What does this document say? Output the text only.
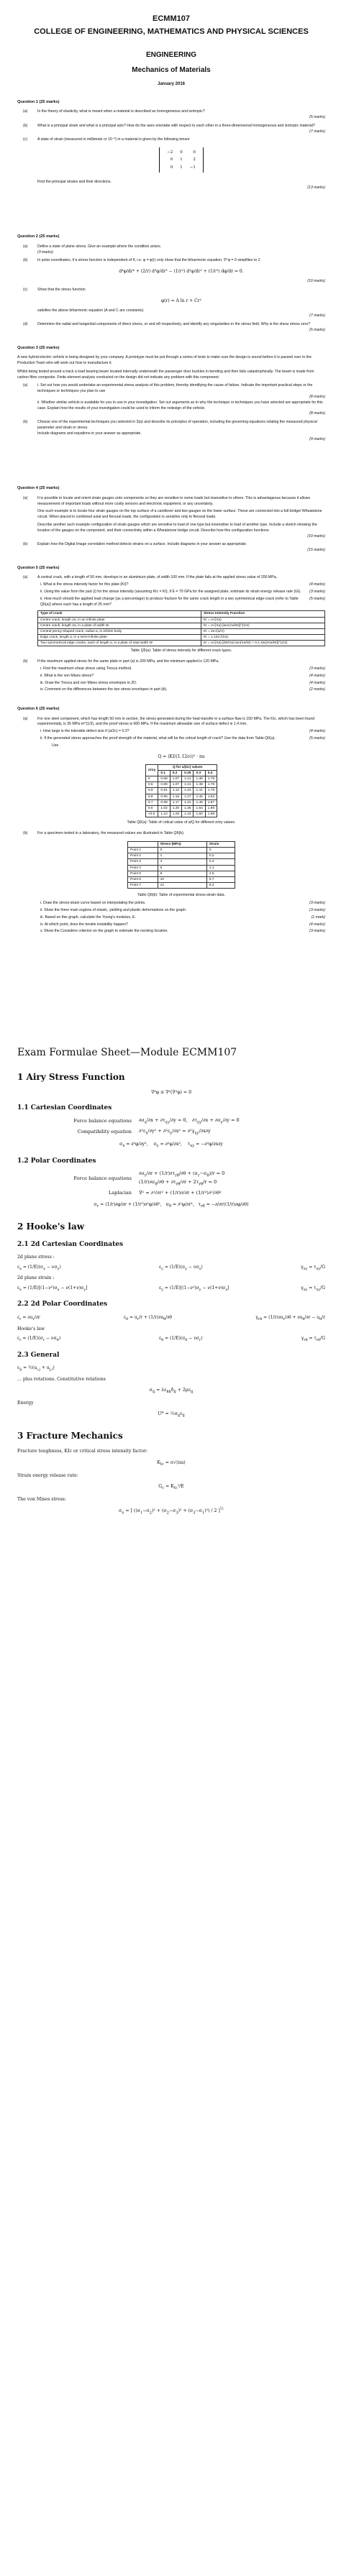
ECMM107
COLLEGE OF ENGINEERING, MATHEMATICS AND PHYSICAL SCIENCES
ENGINEERING
Mechanics of Materials
January 2016
Question 1 (25 marks)
(a)	In the theory of elasticity, what is meant when a material is described as homogeneous and isotropic?
(5 marks)
(b)	What is a principal strain and what is a principal axis? How do the axes orientate with respect to each other in a three-dimensional homogeneous and isotropic material?
(7 marks)
(c)	A state of strain (measured in millistrain or 10⁻³) in a material is given by the following tensor
−2	0	0
0	1	2
0	1	−1
Find the principal strains and their directions.
(13 marks)
Question 2 (25 marks)
(a)	Define a state of plane stress. Give an example where the condition arises.
(3 marks)
(b)	In polar coordinates, if a stress function is independent of θ, i.e. φ = φ(r) only show that the biharmonic equation, ∇⁴φ = 0 simplifies to 2
d⁴φ/dr⁴ + (2/r) d³φ/dr³ − (1/r²) d²φ/dr² + (1/r³) dφ/dr = 0.
(10 marks)
(c)	Show that the stress function
φ(r) = A ln r + Cr²
satisfies the above biharmonic equation (A and C are constants).
(7 marks)
(d)	Determine the radial and tangential components of direct stress, σr and σθ respectively, and identify any singularities in the stress field. Why is the shear stress zero?
(5 marks)
Question 3 (25 marks)
A new hybrid-electric vehicle is being designed by your company. A prototype must be put through a series of tests to make sure the design is sound before it is passed over to the Production Team who will work out how to manufacture it.
Whilst being tested around a track a load bearing beam located internally underneath the passenger door buckles in bending and then fails catastrophically. The beam is made from carbon fibre composite. Finite element analysis conducted on the design did not indicate any problem with this component.
(a)	i. Set out how you would undertake an experimental stress analysis of this problem, thereby identifying the cause of failure. Indicate the important practical steps or the techniques or techniques you plan to use
(8 marks)
ii. Whether similar vehicle is available for you to use in your investigation. Set out arguments as to why the technique or techniques you have selected are appropriate for this case. Explain how the results of your investigation could be used to inform the redesign of the vehicle.
(8 marks)
(b)	Choose one of the experimental techniques you selected in 3(a) and describe its principles of operation, including the governing equations relating the measured physical parameter and strain or stress.
Include diagrams and equations in your answer as appropriate.
(9 marks)
Question 4 (25 marks)
(a)	It is possible to locate and orient strain gauges onto components so they are sensitive to some loads but insensitive to others. This is advantageous because it allows measurement of important loads without more costly sensors and electronic equipment, or any uncertainty.
One such example is to locate four strain gauges on the top surface of a cantilever and two gauges on the lower surface. These are connected into a full bridge/ Wheatstone circuit. When placed in combined axial and flexural loads, the configuration is sensitive only to flexural loads.
Describe another such example configuration of strain gauges which are sensitive to load of one type but insensitive to load of another type. Include a sketch showing the location of the gauges on the component, and their connectivity within a Wheatstone bridge circuit. Describe how this configuration functions.
(10 marks)
(b)	Explain how the Digital Image correlation method detects strains on a surface. Include diagrams in your answer as appropriate.
(15 marks)
Question 5 (25 marks)
(a)	A central crack, with a length of 50 mm, develops in an aluminium plate, of width 100 mm. If the plate fails at the applied stress value of 200 MPa,
i. What is the stress intensity factor for this plate (KI)?	(4 marks)
ii. Using the value from the part (i) for the stress intensity (assuming KIc = KI), if E = 70 GPa for the assigned plate, estimate its strain energy release rate (GI).	(3 marks)
ii. How much should the applied load change (as a percentage) to produce fracture for the same crack length in a two symmetrical edge-crack (refer to Table Q5(a)) where each has a length of 25 mm?
(5 marks)
Type of crack	Stress Intensity Function
Centre crack, length 2a, in an infinite plate	KI = σ√(πa)
Centre crack, length 2a, in a plate of width W	KI = σ√(πa)·[sec(πa/W)]^(1/2)
Central penny-shaped crack, radius a, in infinite body	KI = 2σ√(a/π)
Edge crack, length a, in a semi-infinite plate	KI = 1.12σ√(πa)
Two symmetrical edge cracks, each of length a, in a plate of total width W	KI = σ√(πa)·[(W/πa) tan(πa/W) + 0.1 sin(2πa/W)]^(1/2)
Table Q5(a): Table of stress intensity for different crack types.
(b)	If the maximum applied stress for the same plate in part (a) is 200 MPa, and the minimum applied is 120 MPa,
i. Find the maximum shear stress using Tresca method.	(3 marks)
ii. What is the von Mises stress?	(4 marks)
iii. Draw the Tresca and von Mises stress envelopes in 2D.	(4 marks)
iv. Comment on the differences between the two stress envelopes in part (iii).	(2 marks)
Question 6 (25 marks)
(a)	For one steel component, which has length 50 mm in section, the stress generated during the heat transfer in a surface flaw is 150 MPa. The KIc, which has been found experimentally, is 35 MPa·m^(1/2), and the proof stress is 600 MPa. If the maximum allowable size of surface defect is 1.4 mm,
i. How large is the tolerable defect size if (a/2c) = 0.3?	(4 marks)
ii. If the generated stress approaches the proof strength of the material, what will be the critical length of crack? Use the data from Table Q6(a).	(5 marks)
Use
Q = (KI/(1.12σ))² · πa
σ/σy	Q for a/(2c) values				
	0.1	0.2	0.25	0.3	0.4
0	0.88	1.07	1.21	1.38	1.76
0.6	0.88	1.07	1.21	1.38	1.76
0.9	0.91	1.12	1.24	1.41	1.79
0.8	0.95	1.15	1.27	1.45	1.83
0.7	0.98	1.17	1.31	1.48	1.87
0.6	1.02	1.20	1.35	1.54	1.90
<0.6	1.10	1.29	1.43	1.60	1.98
Table Q6(a): Table of critical value of a/Q for different σ/σy values.
(b)	For a specimen tested in a laboratory, the measured values are illustrated in Table Q6(b).
	Stress (MPa)	Strain
Point 1	0	0
Point 2	1	0.2
Point 3	4	0.4
Point 4	6	1.1
Point 5	8	2.5
Point 6	10	5.7
Point 7	12	8.2
Table Q6(b): Table of experimental stress-strain data.
i. Draw the stress-strain curve based on interpolating the points.	(3 marks)
ii. Show the three main regions of elastic, yielding and plastic deformations on the graph.	(3 marks)
iii. Based on this graph, calculate the Young's modulus, E.	(1 mark)
iv. At which point, does the tensile instability happen?	(4 marks)
v. Show the Considère criterion on the graph to estimate the necking location.	(3 marks)
Exam Formulae Sheet—Module ECMM107
1 Airy Stress Function
∇⁴φ ≡ ∇²(∇²φ) = 0
1.1 Cartesian Coordinates
Force balance equations	$\partial\sigma_x/\partial x + \partial\tau_{xy}/\partial y = 0$,   $\partial\tau_{xy}/\partial x + \partial\sigma_y/\partial y = 0$
Compatibility equation	$\partial^2\varepsilon_x/\partial y^2 + \partial^2\varepsilon_y/\partial x^2 = \partial^2\gamma_{xy}/\partial x\partial y$
$\sigma_x = \partial^2\varphi/\partial y^2$,    $\sigma_y = \partial^2\varphi/\partial x^2$,    $\tau_{xy} = -\partial^2\varphi/\partial x\partial y$
1.2 Polar Coordinates
Force balance equations
$\partial\sigma_r/\partial r + (1/r)\partial\tau_{r\theta}/\partial\theta + (\sigma_r-\sigma_\theta)/r = 0$
$(1/r)\partial\sigma_\theta/\partial\theta + \partial\tau_{r\theta}/\partial r + 2\tau_{r\theta}/r = 0$
Laplacian	∇² = ∂²/∂r² + (1/r)∂/∂r + (1/r²)∂²/∂θ²
$\sigma_r = (1/r)\partial\varphi/\partial r + (1/r^2)\partial^2\varphi/\partial\theta^2$,   $\sigma_\theta = \partial^2\varphi/\partial r^2$,   $\tau_{r\theta} = -\partial/\partial r((1/r)\partial\varphi/\partial\theta)$
2 Hooke's law
2.1 2d Cartesian Coordinates
2d plane stress :
$\varepsilon_x = (1/E)(\sigma_x - \nu\sigma_y)$	$\varepsilon_y = (1/E)(\sigma_y - \nu\sigma_x)$	$\gamma_{xy} = \tau_{xy}/G$
2d plane strain :
$\varepsilon_x = (1/E)[(1-\nu^2)\sigma_x - \nu(1+\nu)\sigma_y]$	$\varepsilon_y = (1/E)[(1-\nu^2)\sigma_y - \nu(1+\nu)\sigma_x]$	$\gamma_{xy} = \tau_{xy}/G$
2.2 2d Polar Coordinates
$\varepsilon_r = \partial u_r/\partial r$	$\varepsilon_\theta = u_r/r + (1/r)\partial u_\theta/\partial\theta$	$\gamma_{r\theta} = (1/r)\partial u_r/\partial\theta + \partial u_\theta/\partial r - u_\theta/r$
Hooke's law
$\varepsilon_r = (1/E)(\sigma_r - \nu\sigma_\theta)$	$\varepsilon_\theta = (1/E)(\sigma_\theta - \nu\sigma_r)$	$\gamma_{r\theta} = \tau_{r\theta}/G$
2.3 General
$\varepsilon_{ij}$ = $\frac{1}{2}(u_{i,j} + u_{j,i})$
... plus rotations. Constitutive relations
$\sigma_{ij} = \lambda\varepsilon_{kk}\delta_{ij} + 2\mu\varepsilon_{ij}$
Energy
$U* = \frac{1}{2}\sigma_{ij}\varepsilon_{ij}$
3 Fracture Mechanics
Fracture toughness, KIc or critical stress intensity factor:
$K_{Ic} = \sigma√(\pi a)$
Strain energy release rate:
$G_c = K_{Ic}^2/E$
The von Mises stress:
$\sigma_e$ = [ $((\sigma_1-\sigma_2)^2 + (\sigma_2-\sigma_3)^2 + (\sigma_3-\sigma_1)^2) / 2$ ]$^{\frac{1}{2}}$
